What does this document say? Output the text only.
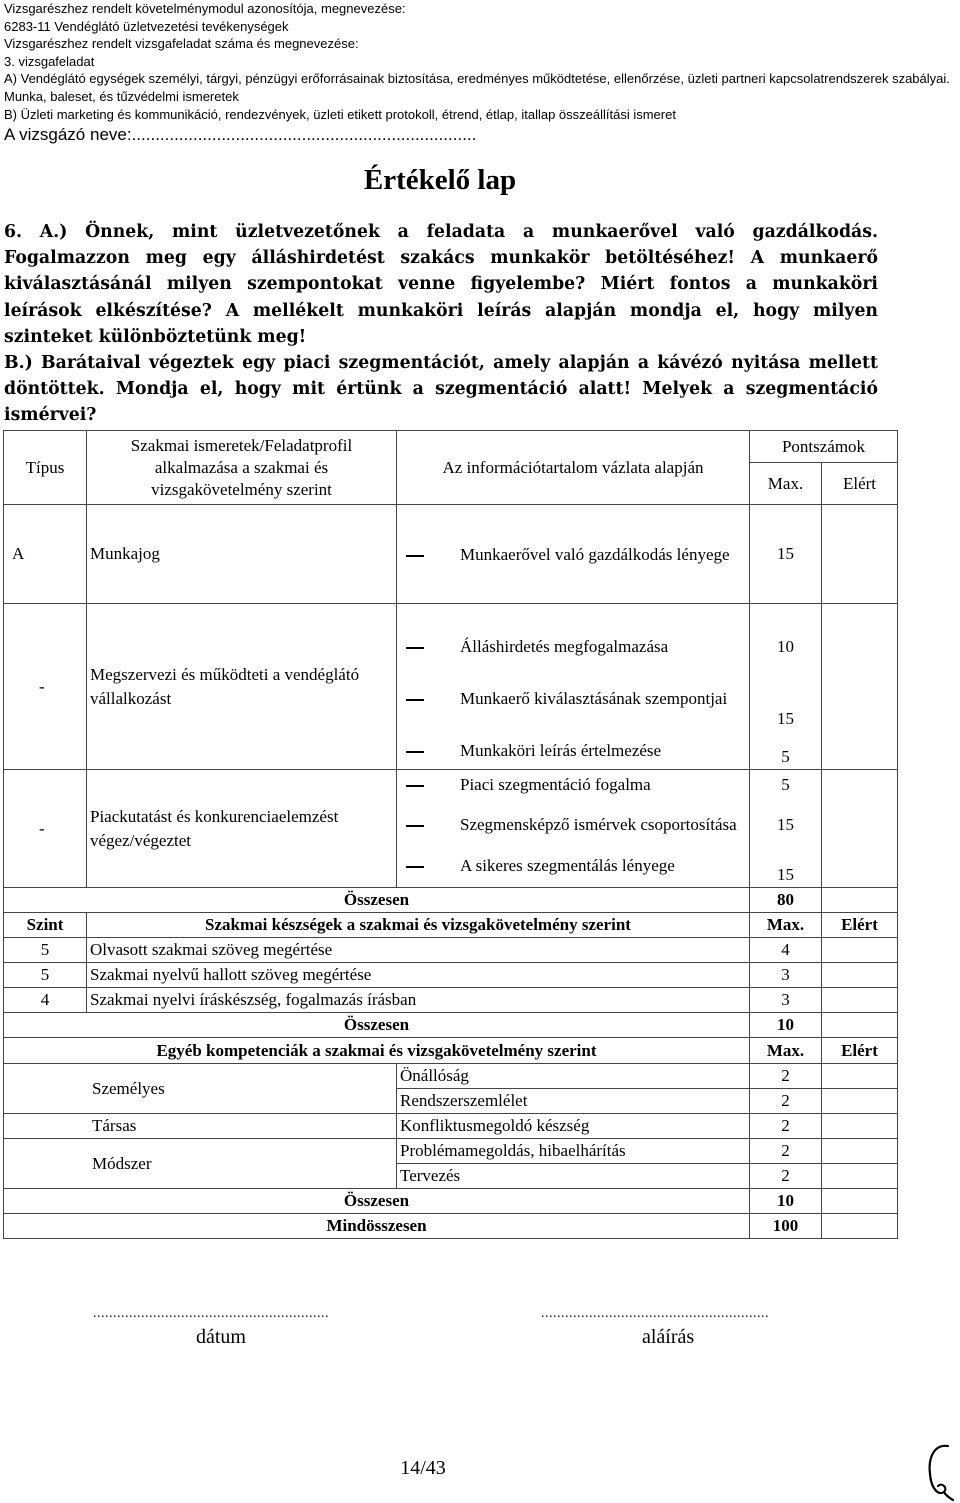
Vizsgarészhez rendelt követelménymodul azonosítója, megnevezése:
6283-11 Vendéglátó üzletvezetési tevékenységek
Vizsgarészhez rendelt vizsgafeladat száma és megnevezése:
3. vizsgafeladat
A) Vendéglátó egységek személyi, tárgyi, pénzügyi erőforrásainak biztosítása, eredményes működtetése, ellenőrzése, üzleti partneri kapcsolatrendszerek szabályai. Munka, baleset, és tűzvédelmi ismeretek
B) Üzleti marketing és kommunikáció, rendezvények, üzleti etikett protokoll, étrend, étlap, itallap összeállítási ismeret
A vizsgázó neve:.........................................................................
Értékelő lap

6. A.) Önnek, mint üzletvezetőnek a feladata a munkaerővel való gazdálkodás. Fogalmazzon meg egy álláshirdetést szakács munkakör betöltéséhez! A munkaerő kiválasztásánál milyen szempontokat venne figyelembe? Miért fontos a munkaköri leírások elkészítése? A mellékelt munkaköri leírás alapján mondja el, hogy milyen szinteket különböztetünk meg!

B.) Barátaival végeztek egy piaci szegmentációt, amely alapján a kávézó nyitása mellett döntöttek. Mondja el, hogy mit értünk a szegmentáció alatt! Melyek a szegmentáció ismérvei?

Típus	Szakmai ismeretek/Feladatprofil alkalmazása a szakmai és vizsgakövetelmény szerint	Az információtartalom vázlata alapján	Pontszámok	
			Max.	Elért
A	Munkajog	Munkaerővel való gazdálkodás lényege	15	
-	Megszervezi és működteti a vendéglátó vállalkozást	Álláshirdetés megfogalmazása	10	

		Munkaerő kiválasztásának szempontjai	15	

		Munkaköri leírás értelmezése	5	
-	Piackutatást és konkurenciaelemzést végez/végeztet	Piaci szegmentáció fogalma	5	

		Szegmensképző ismérvek csoportosítása	15	

		A sikeres szegmentálás lényege	15	
Összesen			80	
Szint	Szakmai készségek a szakmai és vizsgakövetelmény szerint		Max.	Elért
5	Olvasott szakmai szöveg megértése		4	
5	Szakmai nyelvű hallott szöveg megértése		3	
4	Szakmai nyelvi íráskészség, fogalmazás írásban		3	
Összesen			10	
Egyéb kompetenciák a szakmai és vizsgakövetelmény szerint			Max.	Elért
Személyes		Önállóság	2	
		Rendszerszemlélet	2	
Társas		Konfliktusmegoldó készség	2	
Módszer		Problémamegoldás, hibaelhárítás	2	
		Tervezés	2	
Összesen			10	
Mindösszesen			100	
...........................................................	.........................................................
dátum	aláírás
14/43
